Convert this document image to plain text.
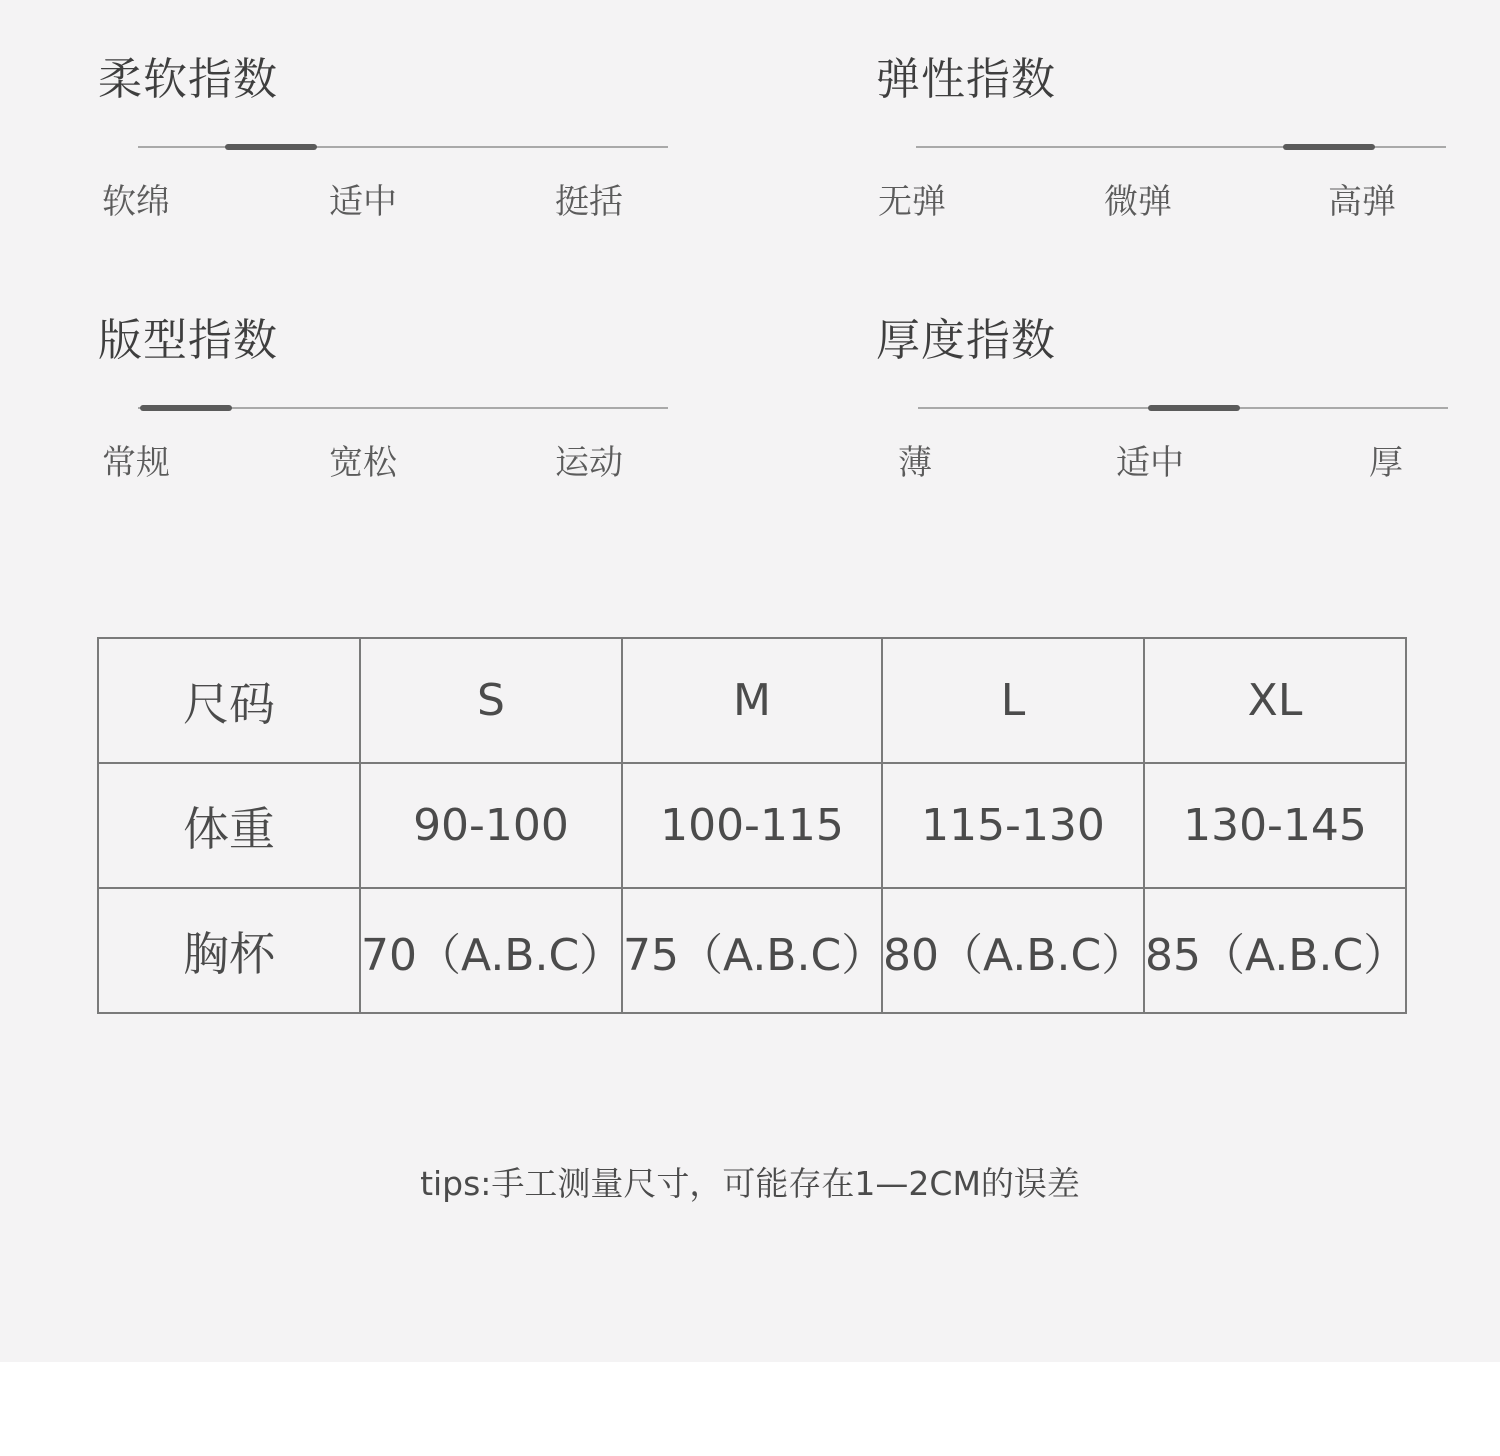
柔软指数
软绵	适中	挺括
弹性指数
无弹	微弹	高弹
版型指数
常规	宽松	运动
厚度指数
薄	适中	厚
尺码	S	M	L	XL
体重	90-100	100-115	115-130	130-145
胸杯	70（A.B.C）	75（A.B.C）	80（A.B.C）	85（A.B.C）
tips:手工测量尺寸，可能存在1—2CM的误差
